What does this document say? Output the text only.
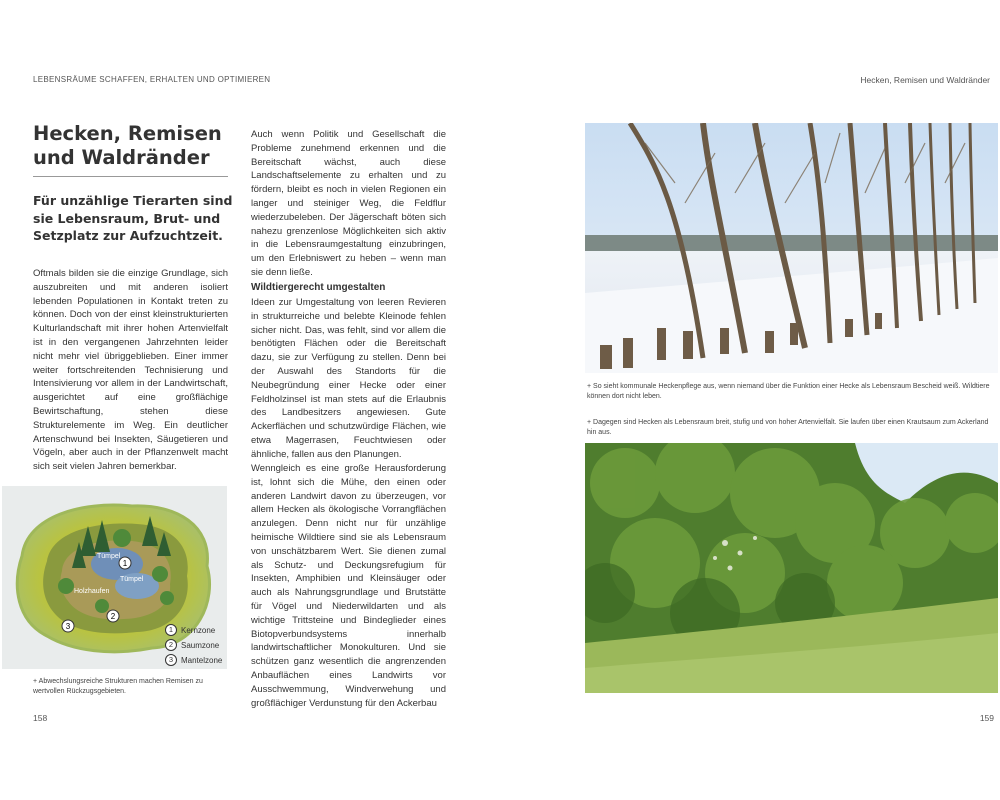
LEBENSRÄUME SCHAFFEN, ERHALTEN UND OPTIMIEREN
Hecken, Remisen und Waldränder

Für unzählige Tierarten sind sie Lebensraum, Brut- und Setzplatz zur Aufzuchtzeit.

Oftmals bilden sie die einzige Grundlage, sich auszubreiten und mit anderen isoliert lebenden Populationen in Kontakt treten zu können. Doch von der einst kleinstrukturierten Kulturlandschaft mit ihrer hohen Artenvielfalt ist in den vergangenen Jahrzehnten leider nicht mehr viel übriggeblieben. Einer immer weiter fortschreitenden Technisierung und Intensivierung vor allem in der Landwirtschaft, ausgerichtet auf eine großflächige Bewirtschaftung, stehen diese Strukturelemente im Weg. Ein deutlicher Artenschwund bei Insekten, Säugetieren und Vögeln, aber auch in der Pflanzenwelt macht sich seit vielen Jahren bemerkbar.

Auch wenn Politik und Gesellschaft die Probleme zunehmend erkennen und die Bereitschaft wächst, auch diese Landschaftselemente zu erhalten und zu fördern, bleibt es noch in vielen Regionen ein langer und steiniger Weg, die Feldflur wiederzubeleben. Der Jägerschaft böten sich nahezu grenzenlose Möglichkeiten sich aktiv in die Lebensraumgestaltung einzubringen, um den Erlebniswert zu heben – wenn man sie denn ließe.

Wildtiergerecht umgestalten

Ideen zur Umgestaltung von leeren Revieren in strukturreiche und belebte Kleinode fehlen sicher nicht. Das, was fehlt, sind vor allem die benötigten Flächen oder die Bereitschaft dazu, sie zur Verfügung zu stellen. Denn bei der Auswahl des Standorts für die Neubegründung einer Hecke oder einer Feldholzinsel ist man stets auf die Erlaubnis des Landbesitzers angewiesen. Gute Ackerflächen und schutzwürdige Flächen, wie etwa Magerrasen, Feuchtwiesen oder ähnliche, fallen aus den Planungen.

Wenngleich es eine große Herausforderung ist, lohnt sich die Mühe, den einen oder anderen Landwirt davon zu überzeugen, vor allem Hecken als ökologische Vorrangflächen anzulegen. Denn nicht nur für unzählige heimische Wildtiere sind sie als Lebensraum von unschätzbarem Wert. Sie dienen zumal als Schutz- und Deckungsrefugium für Insekten, Amphibien und Kleinsäuger oder auch als Nahrungsgrundlage und Brutstätte für Vögel und Niederwildarten und als wichtige Trittsteine und Bindeglieder eines Biotopverbundsystems innerhalb landwirtschaftlicher Monokulturen. Und sie schützen ganz wesentlich die angrenzenden Anbauflächen eines Landwirts vor Ausschwemmung, Windverwehung und großflächiger Verdunstung für den Ackerbau

Tümpel
Tümpel
Holzhaufen
1
2
3	1 Kernzone
2 Saumzone
3 Mantelzone

+ Abwechslungsreiche Strukturen machen Remisen zu wertvollen Rückzugsgebieten.

158
Hecken, Remisen und Waldränder

+ So sieht kommunale Heckenpflege aus, wenn niemand über die Funktion einer Hecke als Lebensraum Bescheid weiß. Wildtiere können dort nicht leben.

+ Dagegen sind Hecken als Lebensraum breit, stufig und von hoher Artenvielfalt. Sie laufen über einen Krautsaum zum Ackerland hin aus.

159
